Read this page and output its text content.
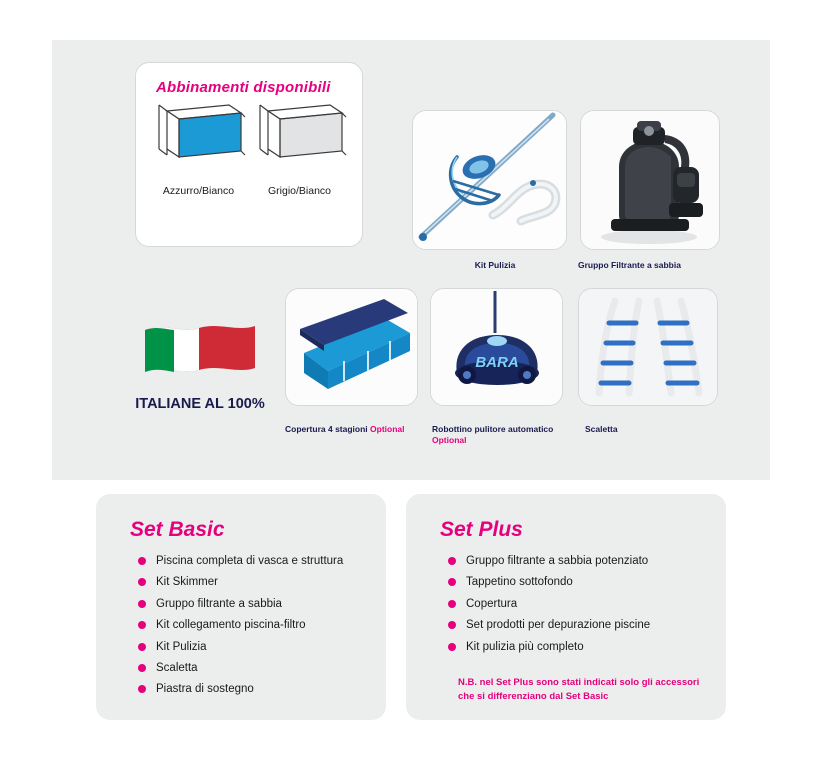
Abbinamenti disponibili
Azzurro/Bianco	Grigio/Bianco
Kit Pulizia	Gruppo Filtrante a sabbia
Copertura 4 stagioni Optional
BARA
Robottino pulitore automatico Optional
Scaletta
ITALIANE AL 100%
Set Basic
Piscina completa di vasca e struttura
Kit Skimmer
Gruppo filtrante a sabbia
Kit collegamento piscina-filtro
Kit Pulizia
Scaletta
Piastra di sostegno
Set Plus
Gruppo filtrante a sabbia potenziato
Tappetino sottofondo
Copertura
Set prodotti per depurazione piscine
Kit pulizia più completo
N.B. nel Set Plus sono stati indicati solo gli accessori che si differenziano dal Set Basic
